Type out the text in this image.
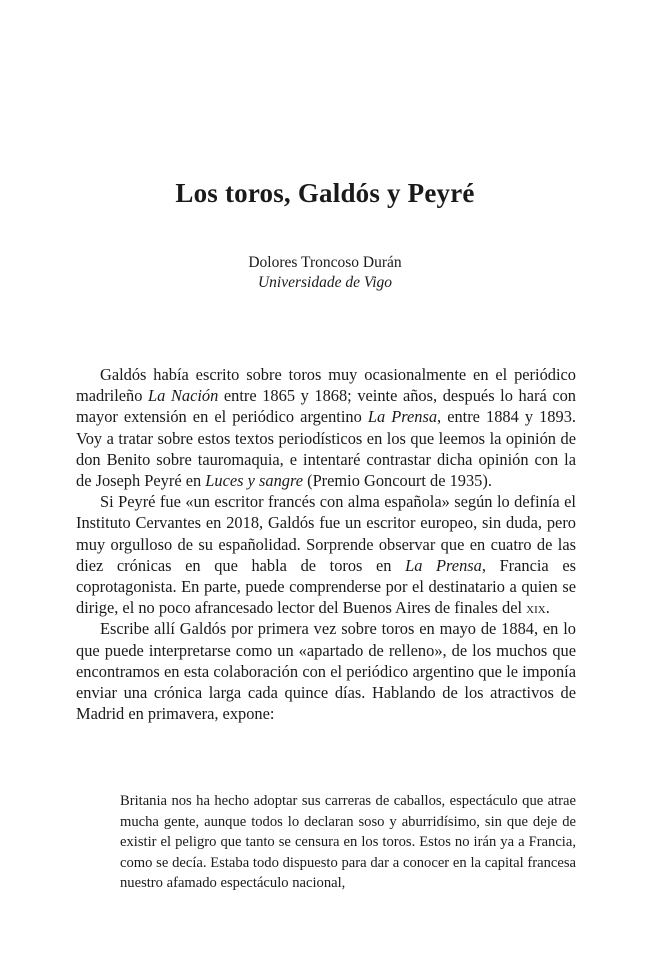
Los toros, Galdós y Peyré
Dolores Troncoso Durán
Universidade de Vigo

Galdós había escrito sobre toros muy ocasionalmente en el periódico madrileño La Nación entre 1865 y 1868; veinte años, después lo hará con mayor extensión en el periódico argentino La Prensa, entre 1884 y 1893. Voy a tratar sobre estos textos periodísticos en los que leemos la opinión de don Benito sobre tauromaquia, e intentaré contrastar dicha opinión con la de Joseph Peyré en Luces y sangre (Premio Goncourt de 1935).

Si Peyré fue «un escritor francés con alma española» según lo definía el Instituto Cervantes en 2018, Galdós fue un escritor europeo, sin duda, pero muy orgulloso de su españolidad. Sorprende observar que en cuatro de las diez crónicas en que habla de toros en La Prensa, Francia es coprotagonista. En parte, puede comprenderse por el destinatario a quien se dirige, el no poco afrancesado lector del Buenos Aires de finales del xix.

Escribe allí Galdós por primera vez sobre toros en mayo de 1884, en lo que puede interpretarse como un «apartado de relleno», de los muchos que encontramos en esta colaboración con el periódico argentino que le imponía enviar una crónica larga cada quince días. Hablando de los atractivos de Madrid en primavera, expone:

Britania nos ha hecho adoptar sus carreras de caballos, espectáculo que atrae mucha gente, aunque todos lo declaran soso y aburridísimo, sin que deje de existir el peligro que tanto se censura en los toros. Estos no irán ya a Francia, como se decía. Estaba todo dispuesto para dar a conocer en la capital francesa nuestro afamado espectáculo nacional,
